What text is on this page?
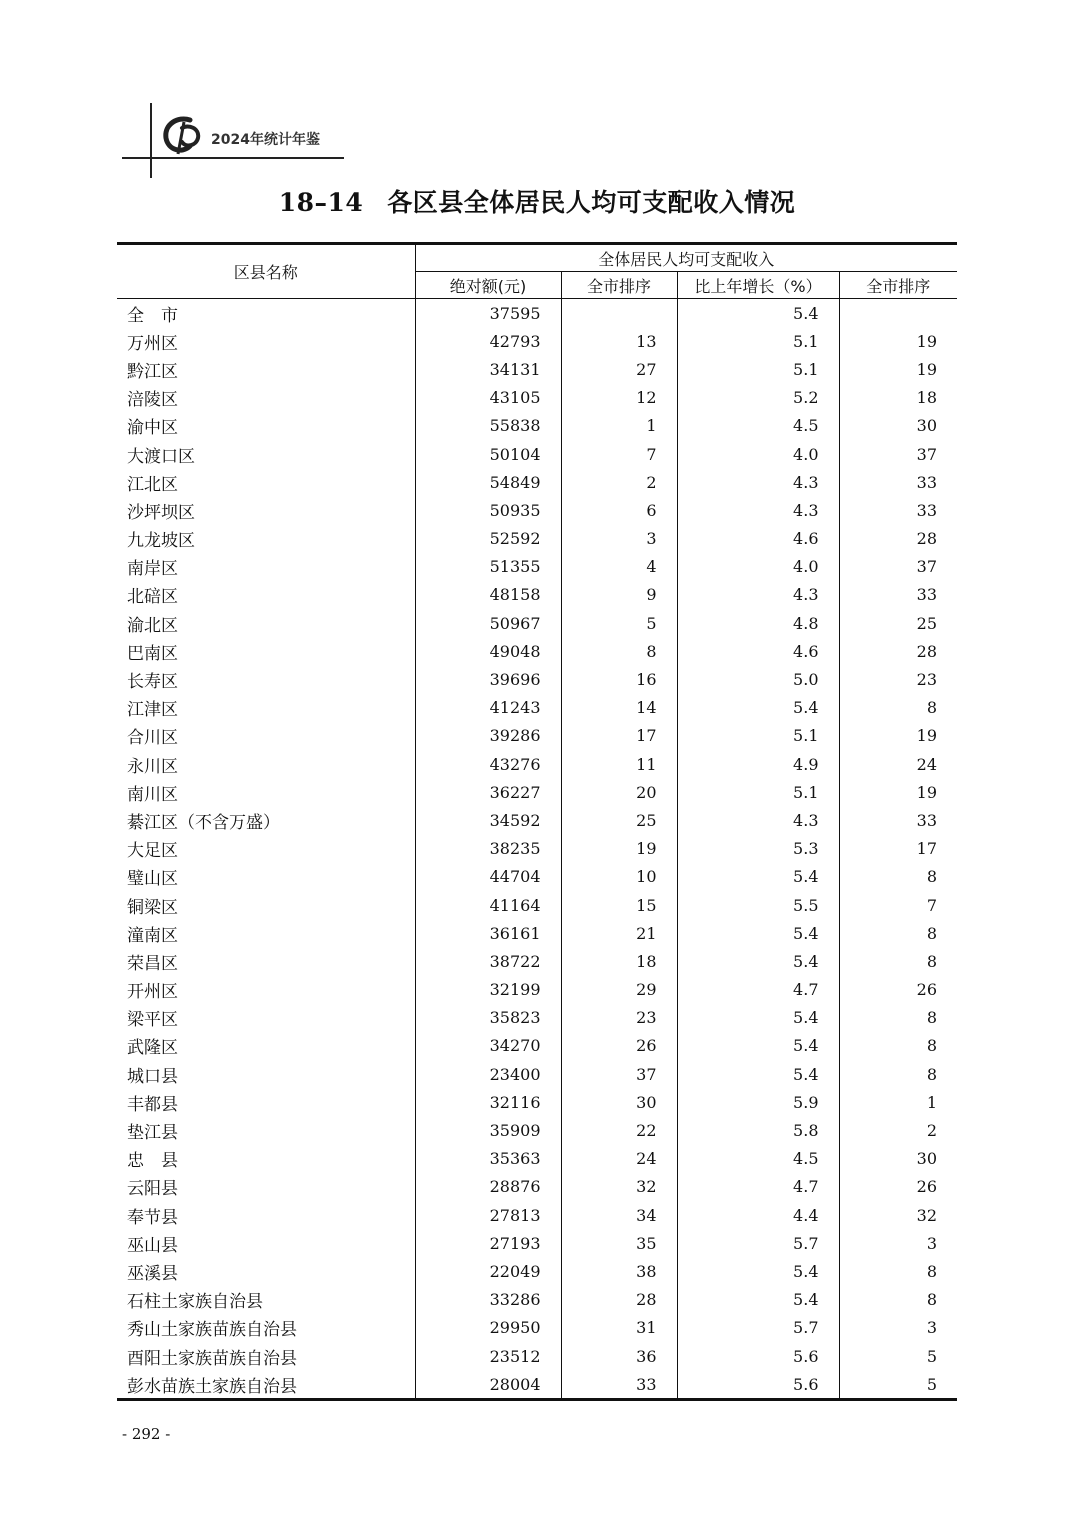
2024年统计年鉴
18–14 各区县全体居民人均可支配收入情况
区县名称	全体居民人均可支配收入			
	绝对额(元)	全市排序	比上年增长（%）	全市排序
全　市	37595		5.4	
万州区	42793	13	5.1	19
黔江区	34131	27	5.1	19
涪陵区	43105	12	5.2	18
渝中区	55838	1	4.5	30
大渡口区	50104	7	4.0	37
江北区	54849	2	4.3	33
沙坪坝区	50935	6	4.3	33
九龙坡区	52592	3	4.6	28
南岸区	51355	4	4.0	37
北碚区	48158	9	4.3	33
渝北区	50967	5	4.8	25
巴南区	49048	8	4.6	28
长寿区	39696	16	5.0	23
江津区	41243	14	5.4	8
合川区	39286	17	5.1	19
永川区	43276	11	4.9	24
南川区	36227	20	5.1	19
綦江区（不含万盛）	34592	25	4.3	33
大足区	38235	19	5.3	17
璧山区	44704	10	5.4	8
铜梁区	41164	15	5.5	7
潼南区	36161	21	5.4	8
荣昌区	38722	18	5.4	8
开州区	32199	29	4.7	26
梁平区	35823	23	5.4	8
武隆区	34270	26	5.4	8
城口县	23400	37	5.4	8
丰都县	32116	30	5.9	1
垫江县	35909	22	5.8	2
忠　县	35363	24	4.5	30
云阳县	28876	32	4.7	26
奉节县	27813	34	4.4	32
巫山县	27193	35	5.7	3
巫溪县	22049	38	5.4	8
石柱土家族自治县	33286	28	5.4	8
秀山土家族苗族自治县	29950	31	5.7	3
酉阳土家族苗族自治县	23512	36	5.6	5
彭水苗族土家族自治县	28004	33	5.6	5
- 292 -
